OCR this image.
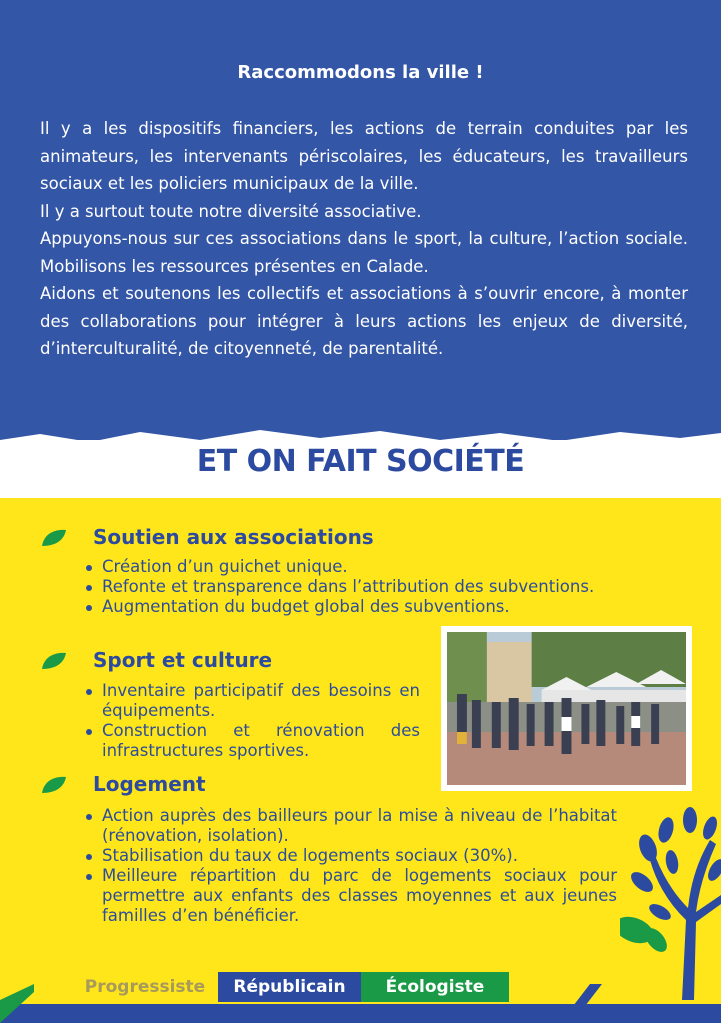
Raccommodons la ville !

Il y a les dispositifs financiers, les actions de terrain conduites par les animateurs, les intervenants périscolaires, les éducateurs, les travailleurs sociaux et les policiers municipaux de la ville.

Il y a surtout toute notre diversité associative.

Appuyons-nous sur ces associations dans le sport, la culture, l’action sociale. Mobilisons les ressources présentes en Calade.

Aidons et soutenons les collectifs et associations à s’ouvrir encore, à monter des collaborations pour intégrer à leurs actions les enjeux de diversité, d’interculturalité, de citoyenneté, de parentalité.

ET ON FAIT SOCIÉTÉ
Soutien aux associations
Création d’un guichet unique.
Refonte et transparence dans l’attribution des subventions.
Augmentation du budget global des subventions.
Sport et culture
Inventaire participatif des besoins en équipements.
Construction et rénovation des infrastructures sportives.
Logement
Action auprès des bailleurs pour la mise à niveau de l’habitat (rénovation, isolation).
Stabilisation du taux de logements sociaux (30%).
Meilleure répartition du parc de logements sociaux pour permettre aux enfants des classes moyennes et aux jeunes familles d’en bénéficier.
Progressiste	Républicain	Écologiste
